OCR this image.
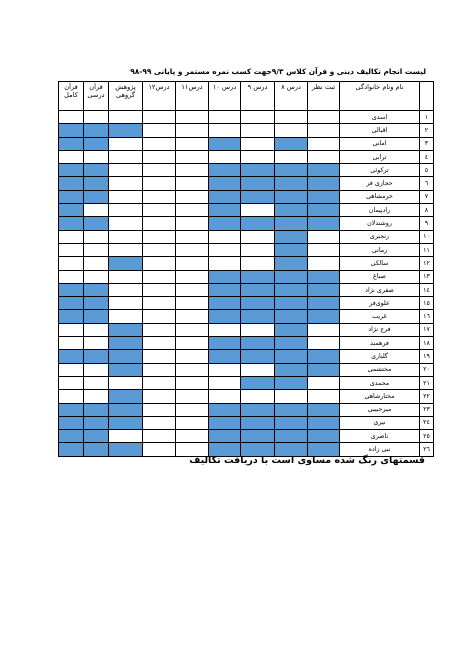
لیست انجام تکالیف دینی و قرآن کلاس ۹/۳جهت کسب نمره مستمر و پایانی ۹۹-۹۸
	نام ونام خانوادگی	ثبت نظر	درس ۸	درس ۹	درس ۱۰	درس۱۱	درس۱۲	پژوهش گروهی	قرآن درسی	قرآن کامل
۱	اسدی									
۲	اقبالی									
۳	امانی									
٤	ترابی									
٥	ترکوئی									
٦	حجازی فر									
۷	خرمشاهی									
۸	رادپیمان									
۹	روشندلان									
۱۰	رنجبری									
۱۱	زمانی									
۱۲	سالکی									
۱۳	صباغ									
۱٤	صفری نژاد									
۱٥	علوی‌فر									
۱٦	غریب									
۱۷	فرج نژاد									
۱۸	فرهمند									
۱۹	گلباری									
۲۰	مختشمی									
۲۱	محمدی									
۲۲	مختارشاهی									
۲۳	میرحبیبی									
۲٤	نیری									
۲٥	ناصری									
۲٦	نبی زاده									
قسمتهای رنگ شده مساوی است با دریافت تکالیف
